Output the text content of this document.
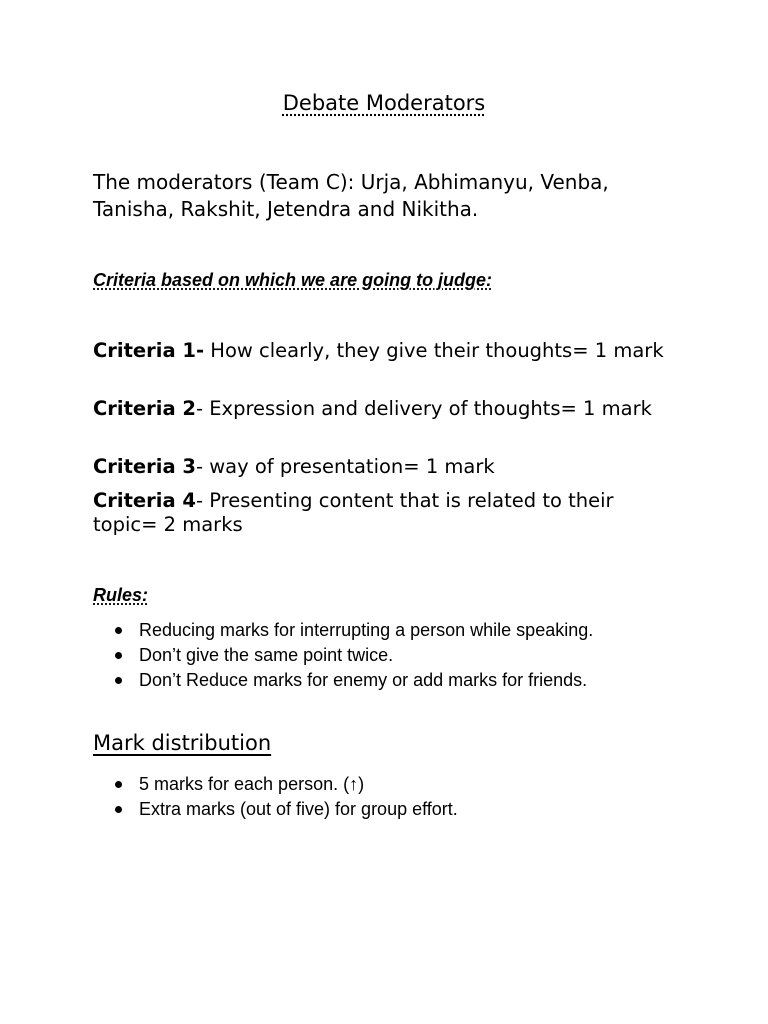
Debate Moderators

The moderators (Team C): Urja, Abhimanyu, Venba, Tanisha, Rakshit, Jetendra and Nikitha.

Criteria based on which we are going to judge:

Criteria 1- How clearly, they give their thoughts= 1 mark

Criteria 2- Expression and delivery of thoughts= 1 mark

Criteria 3- way of presentation= 1 mark

Criteria 4- Presenting content that is related to their topic= 2 marks

Rules:

Reducing marks for interrupting a person while speaking.
Don’t give the same point twice.
Don’t Reduce marks for enemy or add marks for friends.

Mark distribution

5 marks for each person. (↑)
Extra marks (out of five) for group effort.
